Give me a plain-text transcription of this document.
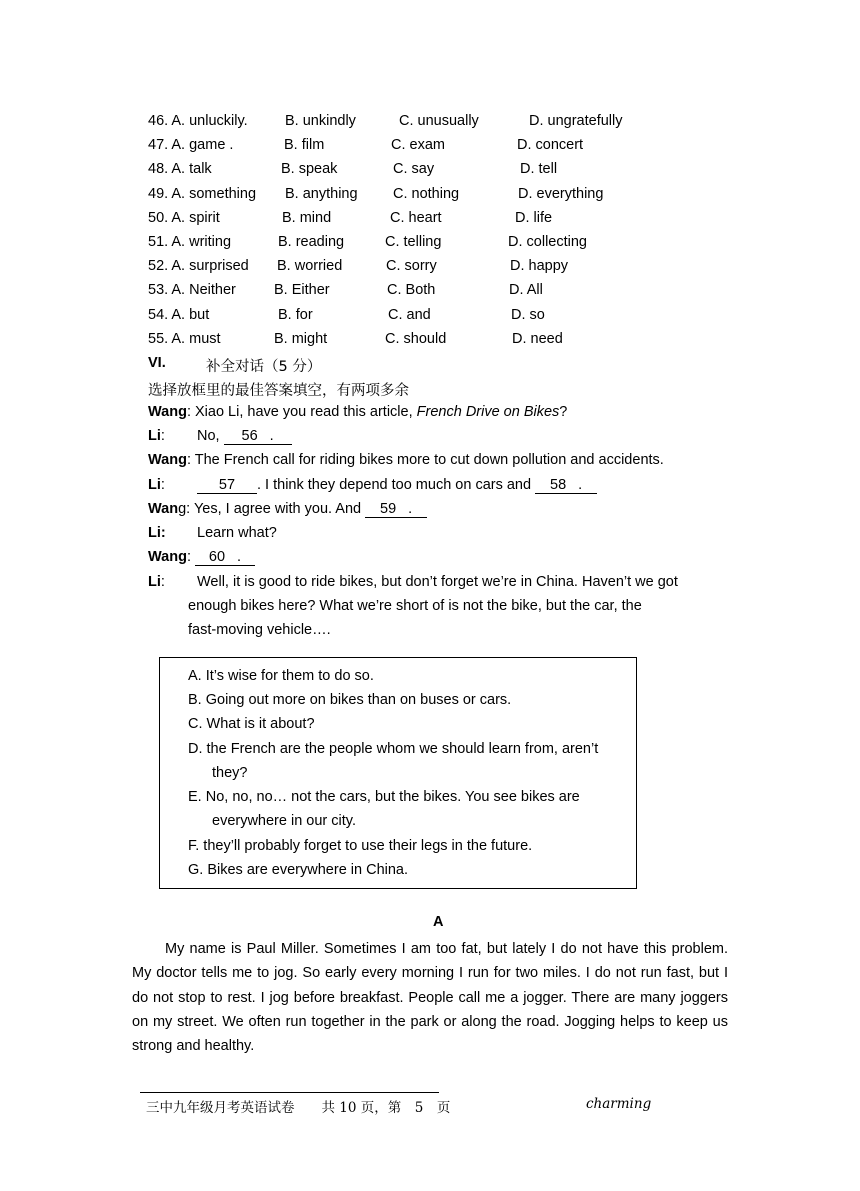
46. A. unluckily.	B. unkindly	C. unusually	D. ungratefully
47. A. game .	B. film	C. exam	D. concert
48. A. talk	B. speak	C. say	D. tell
49. A. something B. anything C. nothing	D. everything
50. A. spirit	B. mind	C. heart	D. life
51. A. writing	B. reading	C. telling	D. collecting
52. A. surprised B. worried	C. sorry	D. happy
53. A. Neither	B. Either	C. Both	D. All
54. A. but	B. for	C. and	D. so
55. A. must	B. might	C. should	D. need
VI.	补全对话（5 分）
选择放框里的最佳答案填空，有两项多余
Wang: Xiao Li, have you read this article, French Drive on Bikes?
Li: No, 56 .
Wang: The French call for riding bikes more to cut down pollution and accidents.
Li:	57 . I think they depend too much on cars and 58 .
Wang: Yes, I agree with you. And 59 .
Li: Learn what?
Wang: 60 .
Li: Well, it is good to ride bikes, but don’t forget we’re in China. Haven’t we got
enough bikes here? What we’re short of is not the bike, but the car, the
fast-moving vehicle….
A. It’s wise for them to do so.
B. Going out more on bikes than on buses or cars.
C. What is it about?
D. the French are the people whom we should learn from, aren’t
they?
E. No, no, no… not the cars, but the bikes. You see bikes are
everywhere in our city.
F. they’ll probably forget to use their legs in the future.
G. Bikes are everywhere in China.
A
My name is Paul Miller. Sometimes I am too fat, but lately I do not have this problem. My doctor tells me to jog. So early every morning I run for two miles. I do not run fast, but I do not stop to rest. I jog before breakfast. People call me a jogger. There are many joggers on my street. We often run together in the park or along the road. Jogging helps to keep us strong and healthy.
三中九年级月考英语试卷　　共 10 页，第　5　页	charming
